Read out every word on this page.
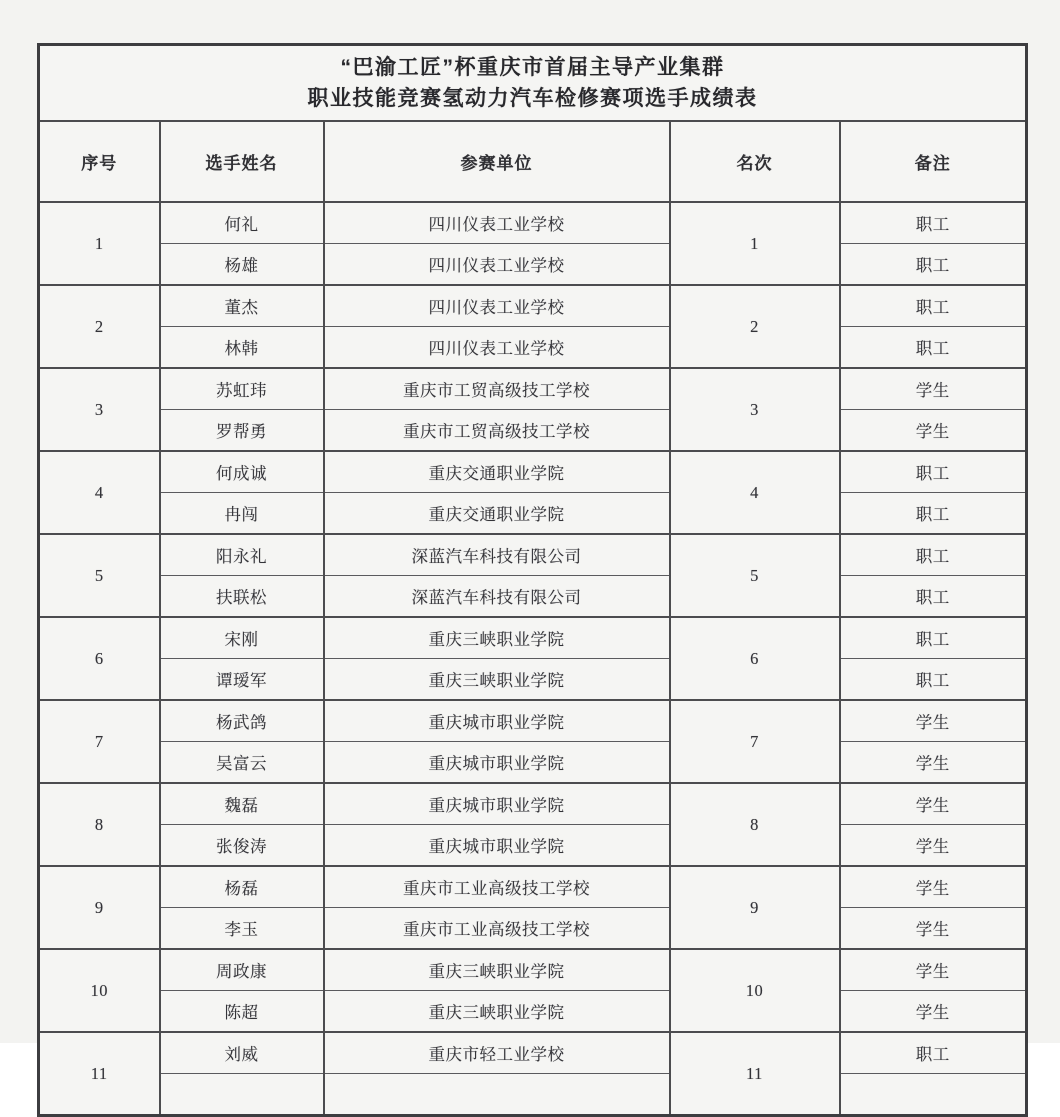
“巴渝工匠”杯重庆市首届主导产业集群
职业技能竞赛氢动力汽车检修赛项选手成绩表				

序号	选手姓名	参赛单位	名次	备注
1	何礼	四川仪表工业学校	1	职工
	杨雄	四川仪表工业学校		职工
2	董杰	四川仪表工业学校	2	职工
	林韩	四川仪表工业学校		职工
3	苏虹玮	重庆市工贸高级技工学校	3	学生
	罗帮勇	重庆市工贸高级技工学校		学生
4	何成诚	重庆交通职业学院	4	职工
	冉闯	重庆交通职业学院		职工
5	阳永礼	深蓝汽车科技有限公司	5	职工
	扶联松	深蓝汽车科技有限公司		职工
6	宋刚	重庆三峡职业学院	6	职工
	谭瑷军	重庆三峡职业学院		职工
7	杨武鸽	重庆城市职业学院	7	学生
	吴富云	重庆城市职业学院		学生
8	魏磊	重庆城市职业学院	8	学生
	张俊涛	重庆城市职业学院		学生
9	杨磊	重庆市工业高级技工学校	9	学生
	李玉	重庆市工业高级技工学校		学生
10	周政康	重庆三峡职业学院	10	学生
	陈超	重庆三峡职业学院		学生
11	刘威	重庆市轻工业学校	11	职工
